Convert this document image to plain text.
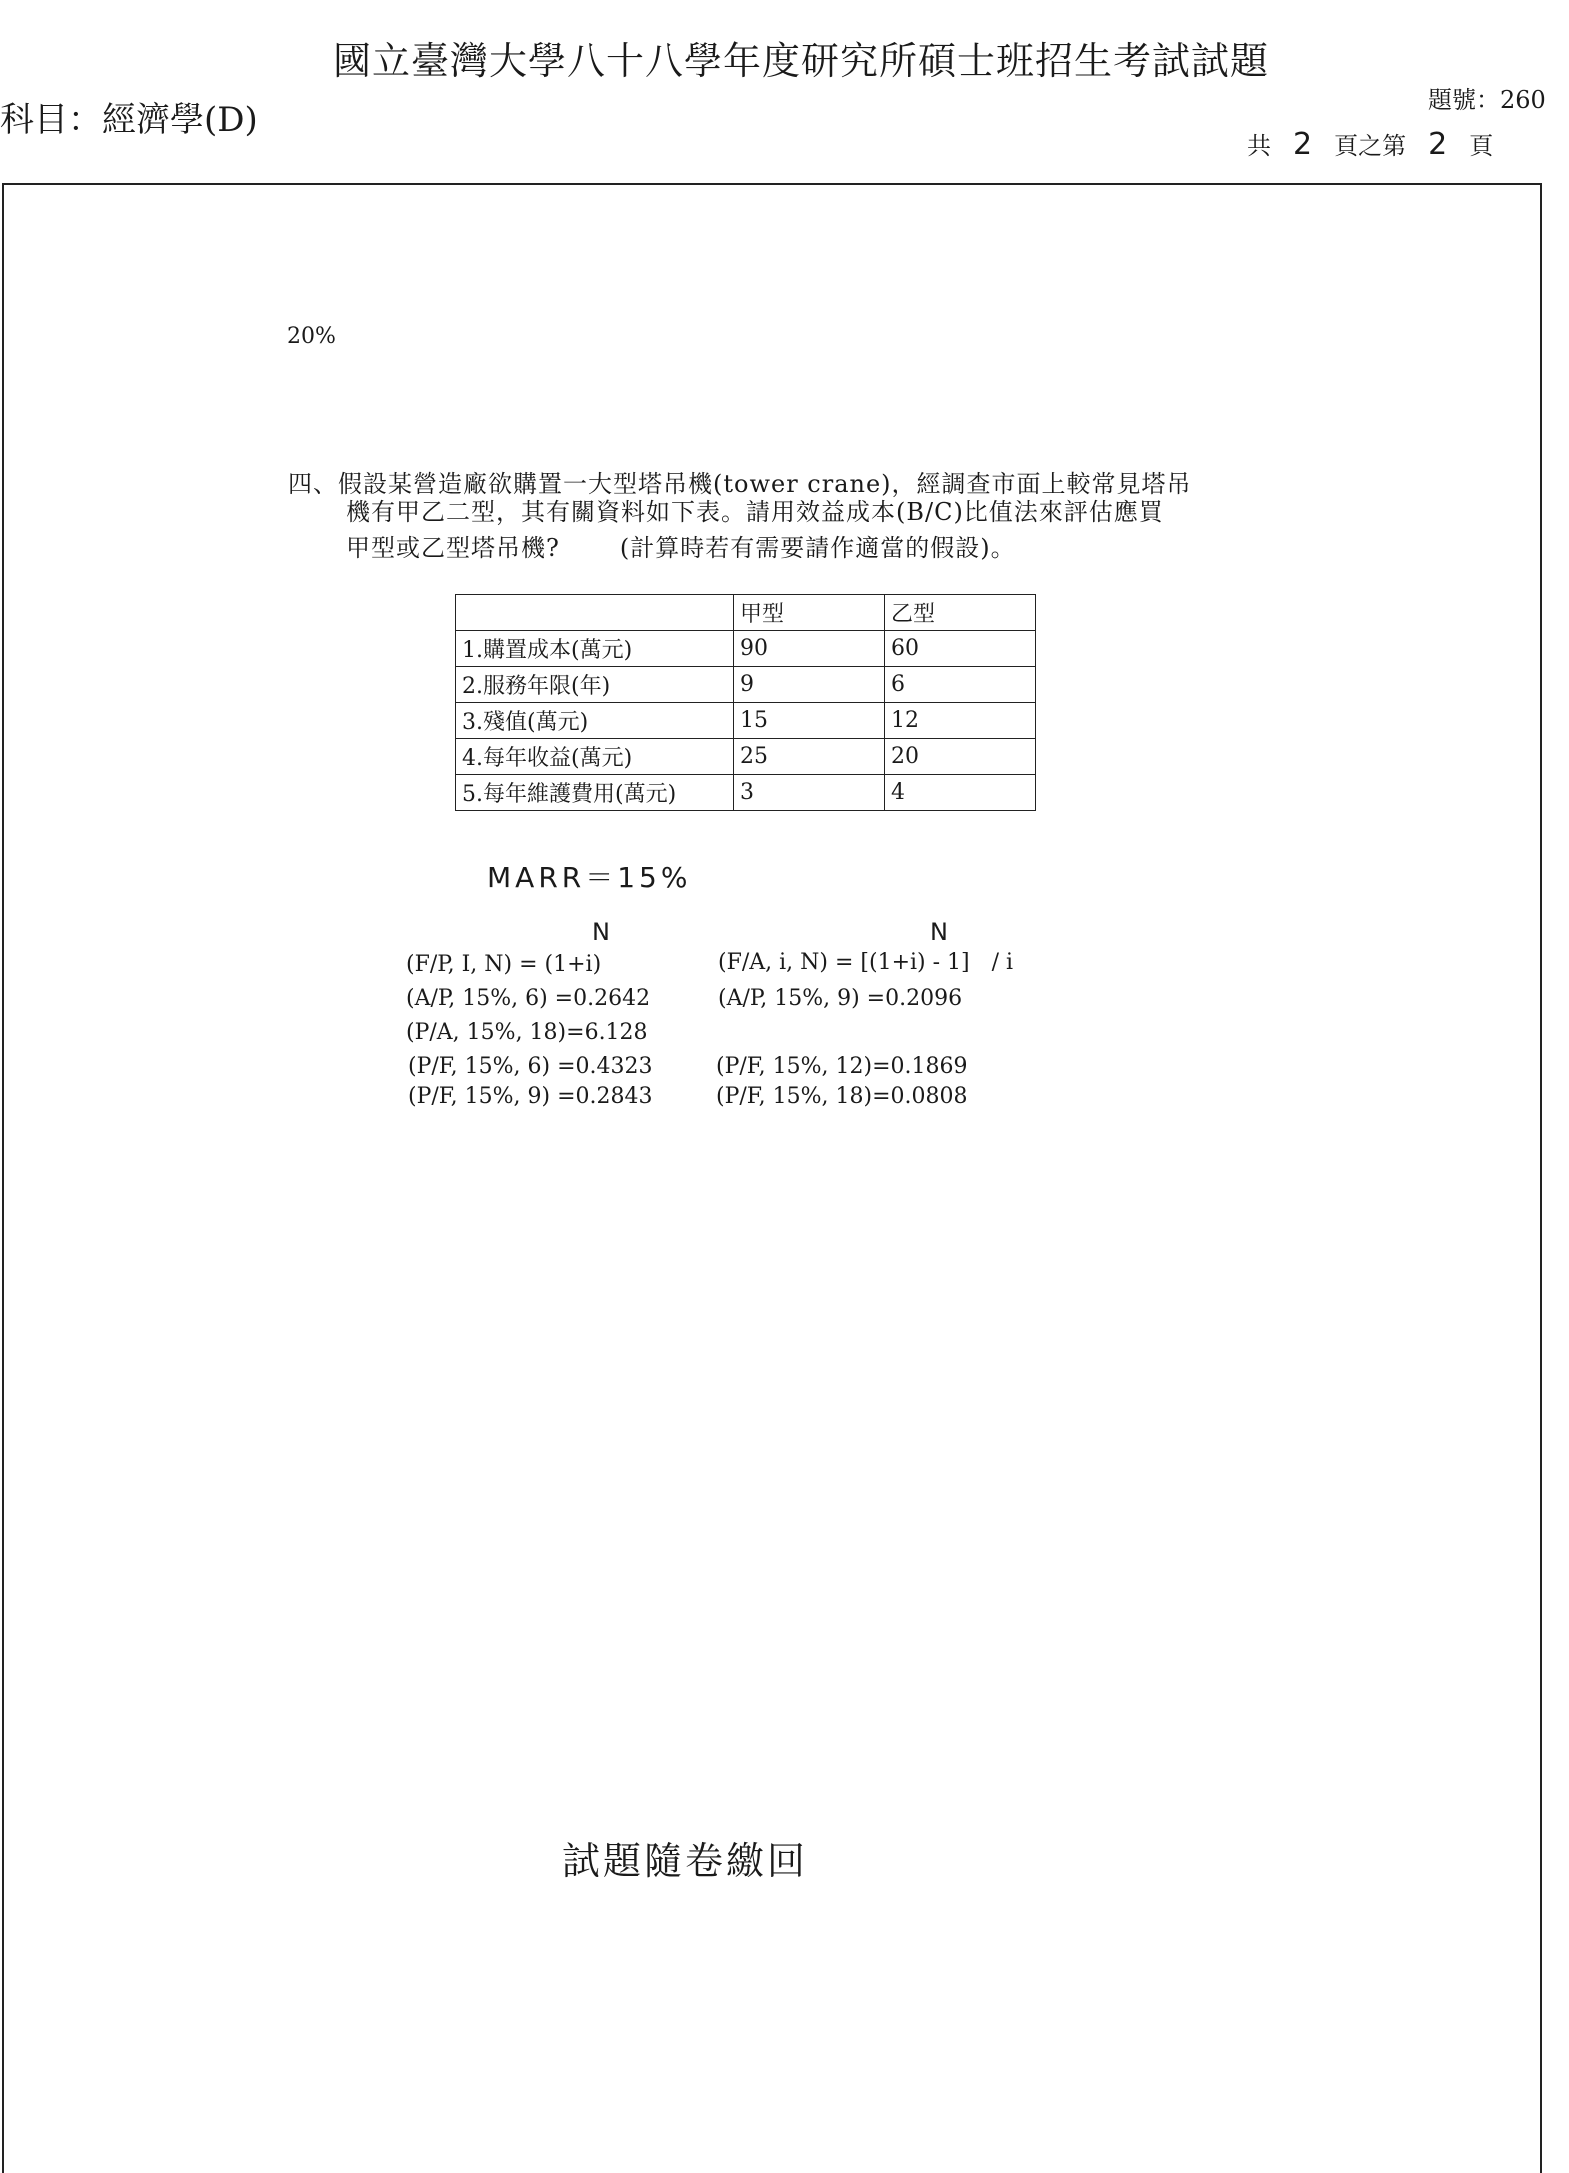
國立臺灣大學八十八學年度研究所碩士班招生考試試題
科目：經濟學(D)	題號：260
共 2 頁之第 2 頁
20%
四、假設某營造廠欲購置一大型塔吊機(tower crane)，經調查市面上較常見塔吊
機有甲乙二型，其有關資料如下表。請用效益成本(B/C)比值法來評估應買
甲型或乙型塔吊機?	(計算時若有需要請作適當的假設)。
	甲型	乙型
1.購置成本(萬元)	90	60
2.服務年限(年)	9	6
3.殘值(萬元)	15	12
4.每年收益(萬元)	25	20
5.每年維護費用(萬元)	3	4
MARR＝15%
N	N
(F/P, I, N) = (1+i)	(F/A, i, N) = [(1+i) - 1] / i
(A/P, 15%, 6) =0.2642	(A/P, 15%, 9) =0.2096
(P/A, 15%, 18)=6.128
(P/F, 15%, 6) =0.4323	(P/F, 15%, 12)=0.1869
(P/F, 15%, 9) =0.2843	(P/F, 15%, 18)=0.0808
試題隨卷繳回
